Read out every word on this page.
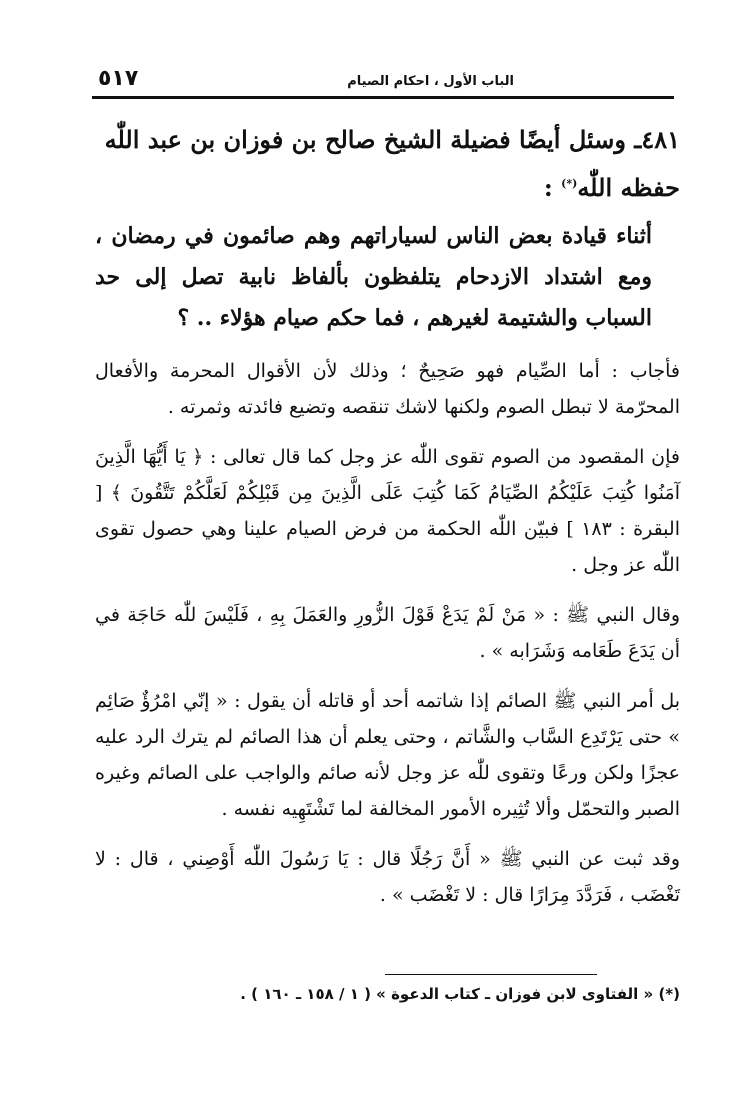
الباب الأول ، احكام الصيام
٥١٧
٤٨١ـ وسئل أيضًا فضيلة الشيخ صالح بن فوزان بن عبد اللّٰه حفظه اللّٰه(*) :
أثناء قيادة بعض الناس لسياراتهم وهم صائمون في رمضان ، ومع اشتداد الازدحام يتلفظون بألفاظ نابية تصل إلى حد السباب والشتيمة لغيرهم ، فما حكم صيام هؤلاء .. ؟

فأجاب : أما الصِّيام فهو صَحِيحٌ ؛ وذلك لأن الأقوال المحرمة والأفعال المحرّمة لا تبطل الصوم ولكنها لاشك تنقصه وتضيع فائدته وثمرته .

فإن المقصود من الصوم تقوى اللّٰه عز وجل كما قال تعالى : ﴿ يَا أَيُّهَا الَّذِينَ آمَنُوا كُتِبَ عَلَيْكُمُ الصِّيَامُ كَمَا كُتِبَ عَلَى الَّذِينَ مِن قَبْلِكُمْ لَعَلَّكُمْ تَتَّقُونَ ﴾ [ البقرة : ١٨٣ ] فبيّن اللّٰه الحكمة من فرض الصيام علينا وهي حصول تقوى اللّٰه عز وجل .

وقال النبي ﷺ : « مَنْ لَمْ يَدَعْ قَوْلَ الزُّورِ والعَمَلَ بِهِ ، فَلَيْسَ للّٰه حَاجَة في أن يَدَعَ طَعَامه وَشَرَابه » .

بل أمر النبي ﷺ الصائم إذا شاتمه أحد أو قاتله أن يقول : « إنّي امْرُؤٌ صَائِم » حتى يَرْتَدِع السَّاب والشَّاتم ، وحتى يعلم أن هذا الصائم لم يترك الرد عليه عجزًا ولكن ورعًا وتقوى للّٰه عز وجل لأنه صائم والواجب على الصائم وغيره الصبر والتحمّل وألا تُثِيره الأمور المخالفة لما تَشْتَهِيه نفسه .

وقد ثبت عن النبي ﷺ « أَنَّ رَجُلًا قال : يَا رَسُولَ اللّٰه أَوْصِني ، قال : لا تَغْضَب ، فَرَدَّدَ مِرَارًا قال : لا تَغْضَب » .

(*) « الفتاوى لابن فوزان ـ كتاب الدعوة » ( ١ / ١٥٨ ـ ١٦٠ ) .
